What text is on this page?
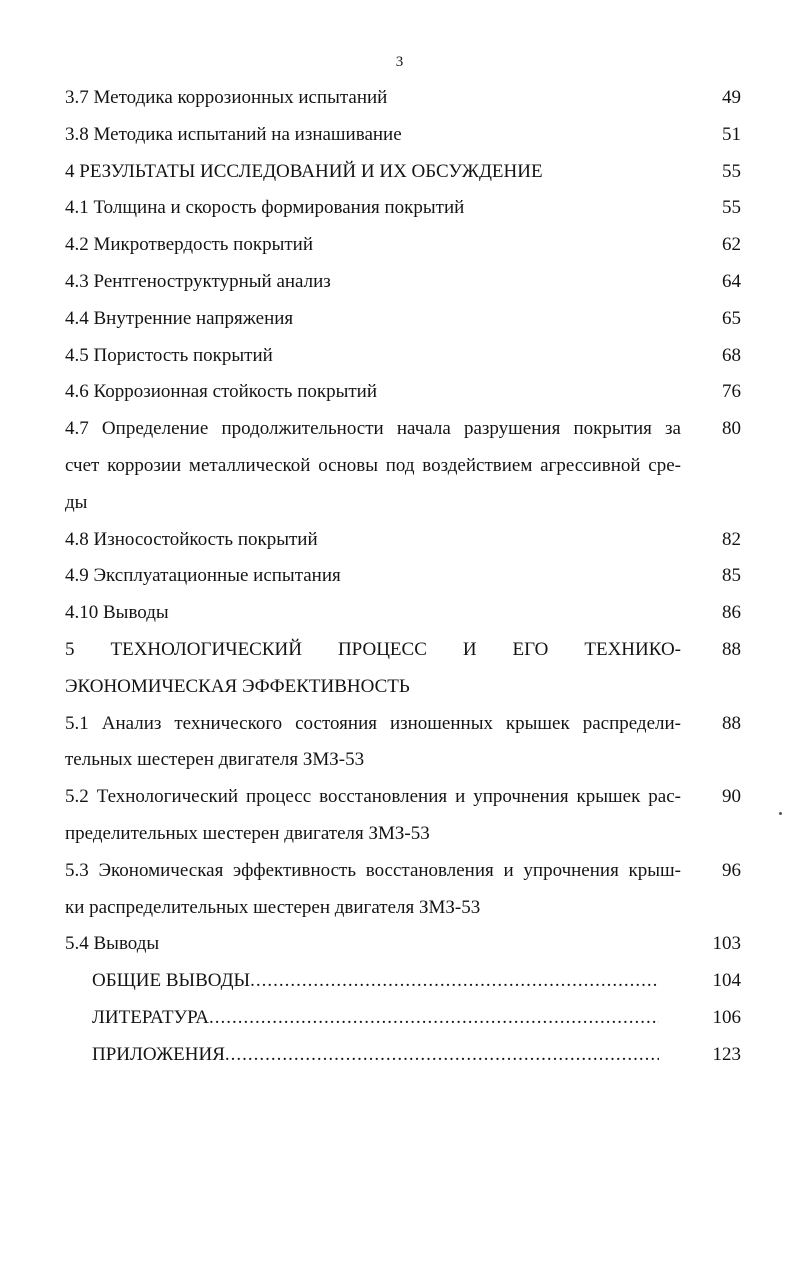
3
3.7 Методика коррозионных испытаний	49
3.8 Методика испытаний на изнашивание	51
4 РЕЗУЛЬТАТЫ ИССЛЕДОВАНИЙ И ИХ ОБСУЖДЕНИЕ	55
4.1 Толщина и скорость формирования покрытий	55
4.2 Микротвердость покрытий	62
4.3 Рентгеноструктурный анализ	64
4.4 Внутренние напряжения	65
4.5 Пористость покрытий	68
4.6 Коррозионная стойкость покрытий	76
4.7 Определение продолжительности начала разрушения покрытия за
счет коррозии металлической основы под воздействием агрессивной сре-
ды
80
4.8 Износостойкость покрытий	82
4.9 Эксплуатационные испытания	85
4.10 Выводы	86
5 ТЕХНОЛОГИЧЕСКИЙ ПРОЦЕСС И ЕГО ТЕХНИКО-
ЭКОНОМИЧЕСКАЯ ЭФФЕКТИВНОСТЬ
88
5.1 Анализ технического состояния изношенных крышек распредели-
тельных шестерен двигателя ЗМЗ-53
88
5.2 Технологический процесс восстановления и упрочнения крышек рас-
пределительных шестерен двигателя ЗМЗ-53
90
5.3 Экономическая эффективность восстановления и упрочнения крыш-
ки распределительных шестерен двигателя ЗМЗ-53
96
5.4 Выводы	103
ОБЩИЕ ВЫВОДЫ .....	104
ЛИТЕРАТУРА .....	106
ПРИЛОЖЕНИЯ .....	123
